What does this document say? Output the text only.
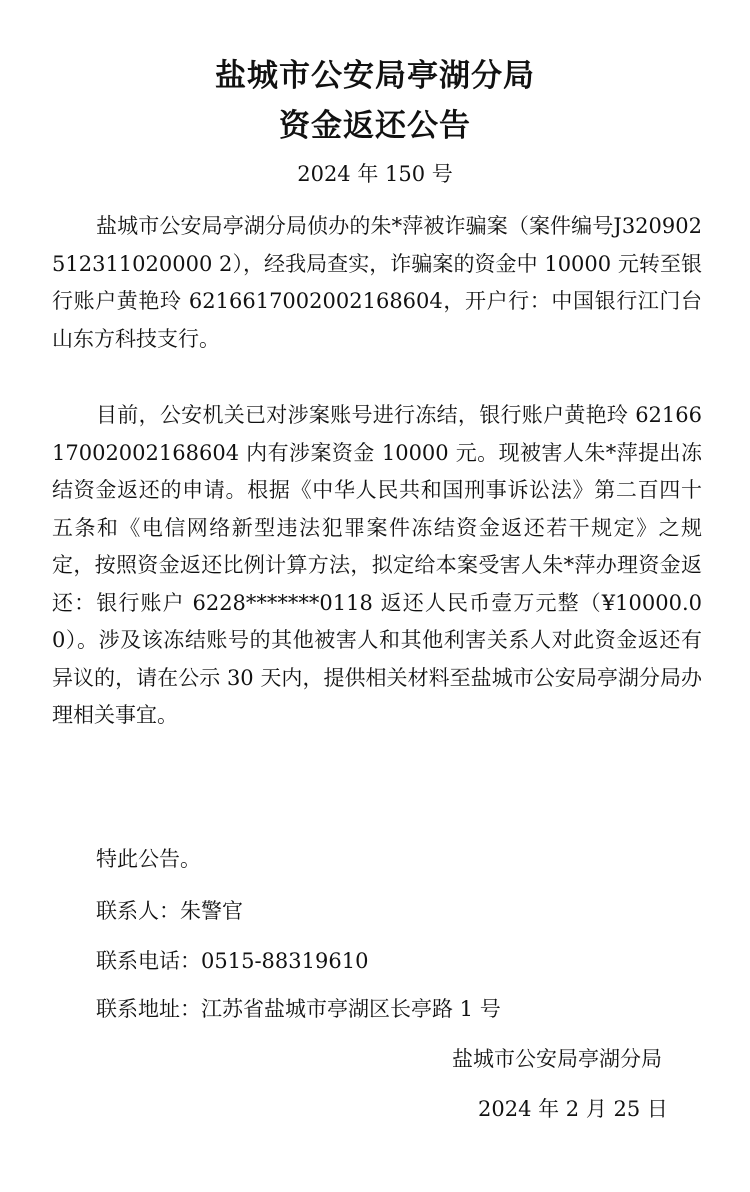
盐城市公安局亭湖分局
资金返还公告
2024 年 150 号

盐城市公安局亭湖分局侦办的朱*萍被诈骗案（案件编号J320902512311020000 2），经我局查实，诈骗案的资金中 10000 元转至银行账户黄艳玲 6216617002002168604，开户行：中国银行江门台山东方科技支行。

目前，公安机关已对涉案账号进行冻结，银行账户黄艳玲 6216617002002168604 内有涉案资金 10000 元。现被害人朱*萍提出冻结资金返还的申请。根据《中华人民共和国刑事诉讼法》第二百四十五条和《电信网络新型违法犯罪案件冻结资金返还若干规定》之规定，按照资金返还比例计算方法，拟定给本案受害人朱*萍办理资金返还：银行账户 6228*******0118 返还人民币壹万元整（¥10000.00）。涉及该冻结账号的其他被害人和其他利害关系人对此资金返还有异议的，请在公示 30 天内，提供相关材料至盐城市公安局亭湖分局办理相关事宜。

特此公告。
联系人：朱警官
联系电话：0515-88319610
联系地址：江苏省盐城市亭湖区长亭路 1 号
盐城市公安局亭湖分局
2024 年 2 月 25 日
